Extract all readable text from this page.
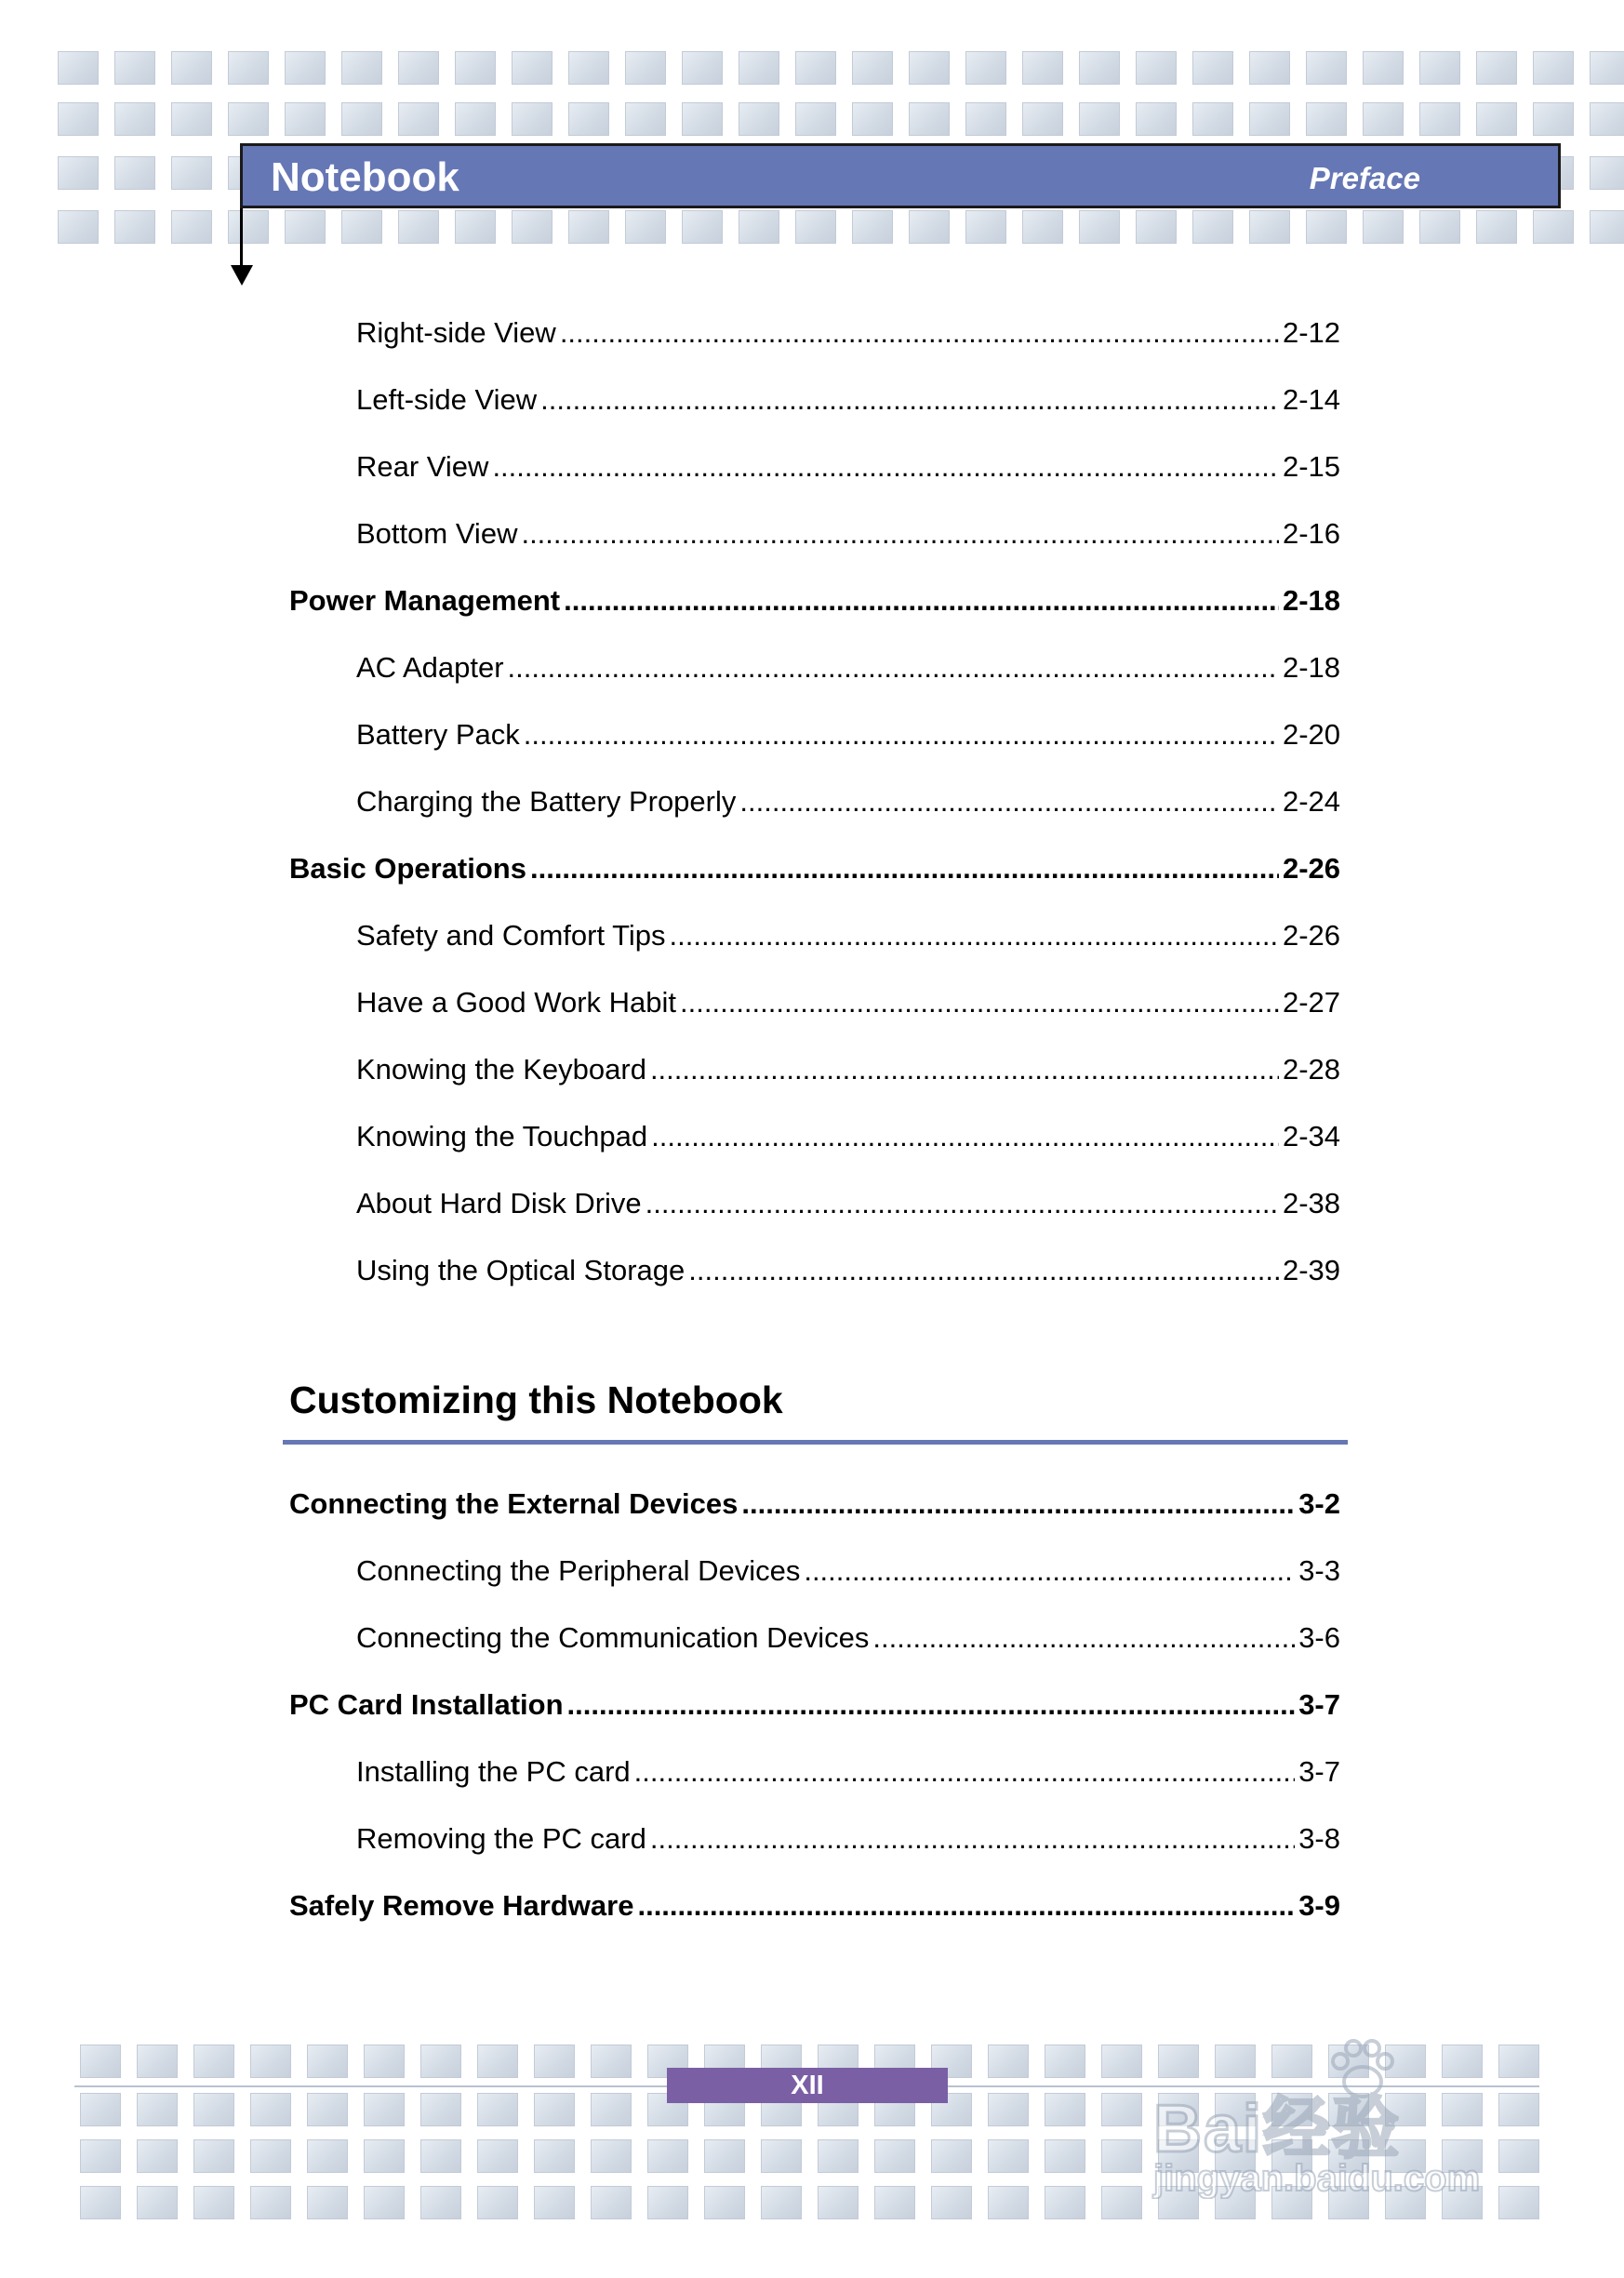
Notebook	Preface
Right-side View .....	2-12
Left-side View .....	2-14
Rear View .....	2-15
Bottom View .....	2-16
Power Management .....	2-18
AC Adapter .....	2-18
Battery Pack .....	2-20
Charging the Battery Properly .....	2-24
Basic Operations .....	2-26
Safety and Comfort Tips .....	2-26
Have a Good Work Habit .....	2-27
Knowing the Keyboard .....	2-28
Knowing the Touchpad .....	2-34
About Hard Disk Drive .....	2-38
Using the Optical Storage .....	2-39
Customizing this Notebook
Connecting the External Devices .....	3-2
Connecting the Peripheral Devices .....	3-3
Connecting the Communication Devices .....	3-6
PC Card Installation .....	3-7
Installing the PC card .....	3-7
Removing the PC card .....	3-8
Safely Remove Hardware .....	3-9
XII
Bai经验
jingyan.baidu.com
